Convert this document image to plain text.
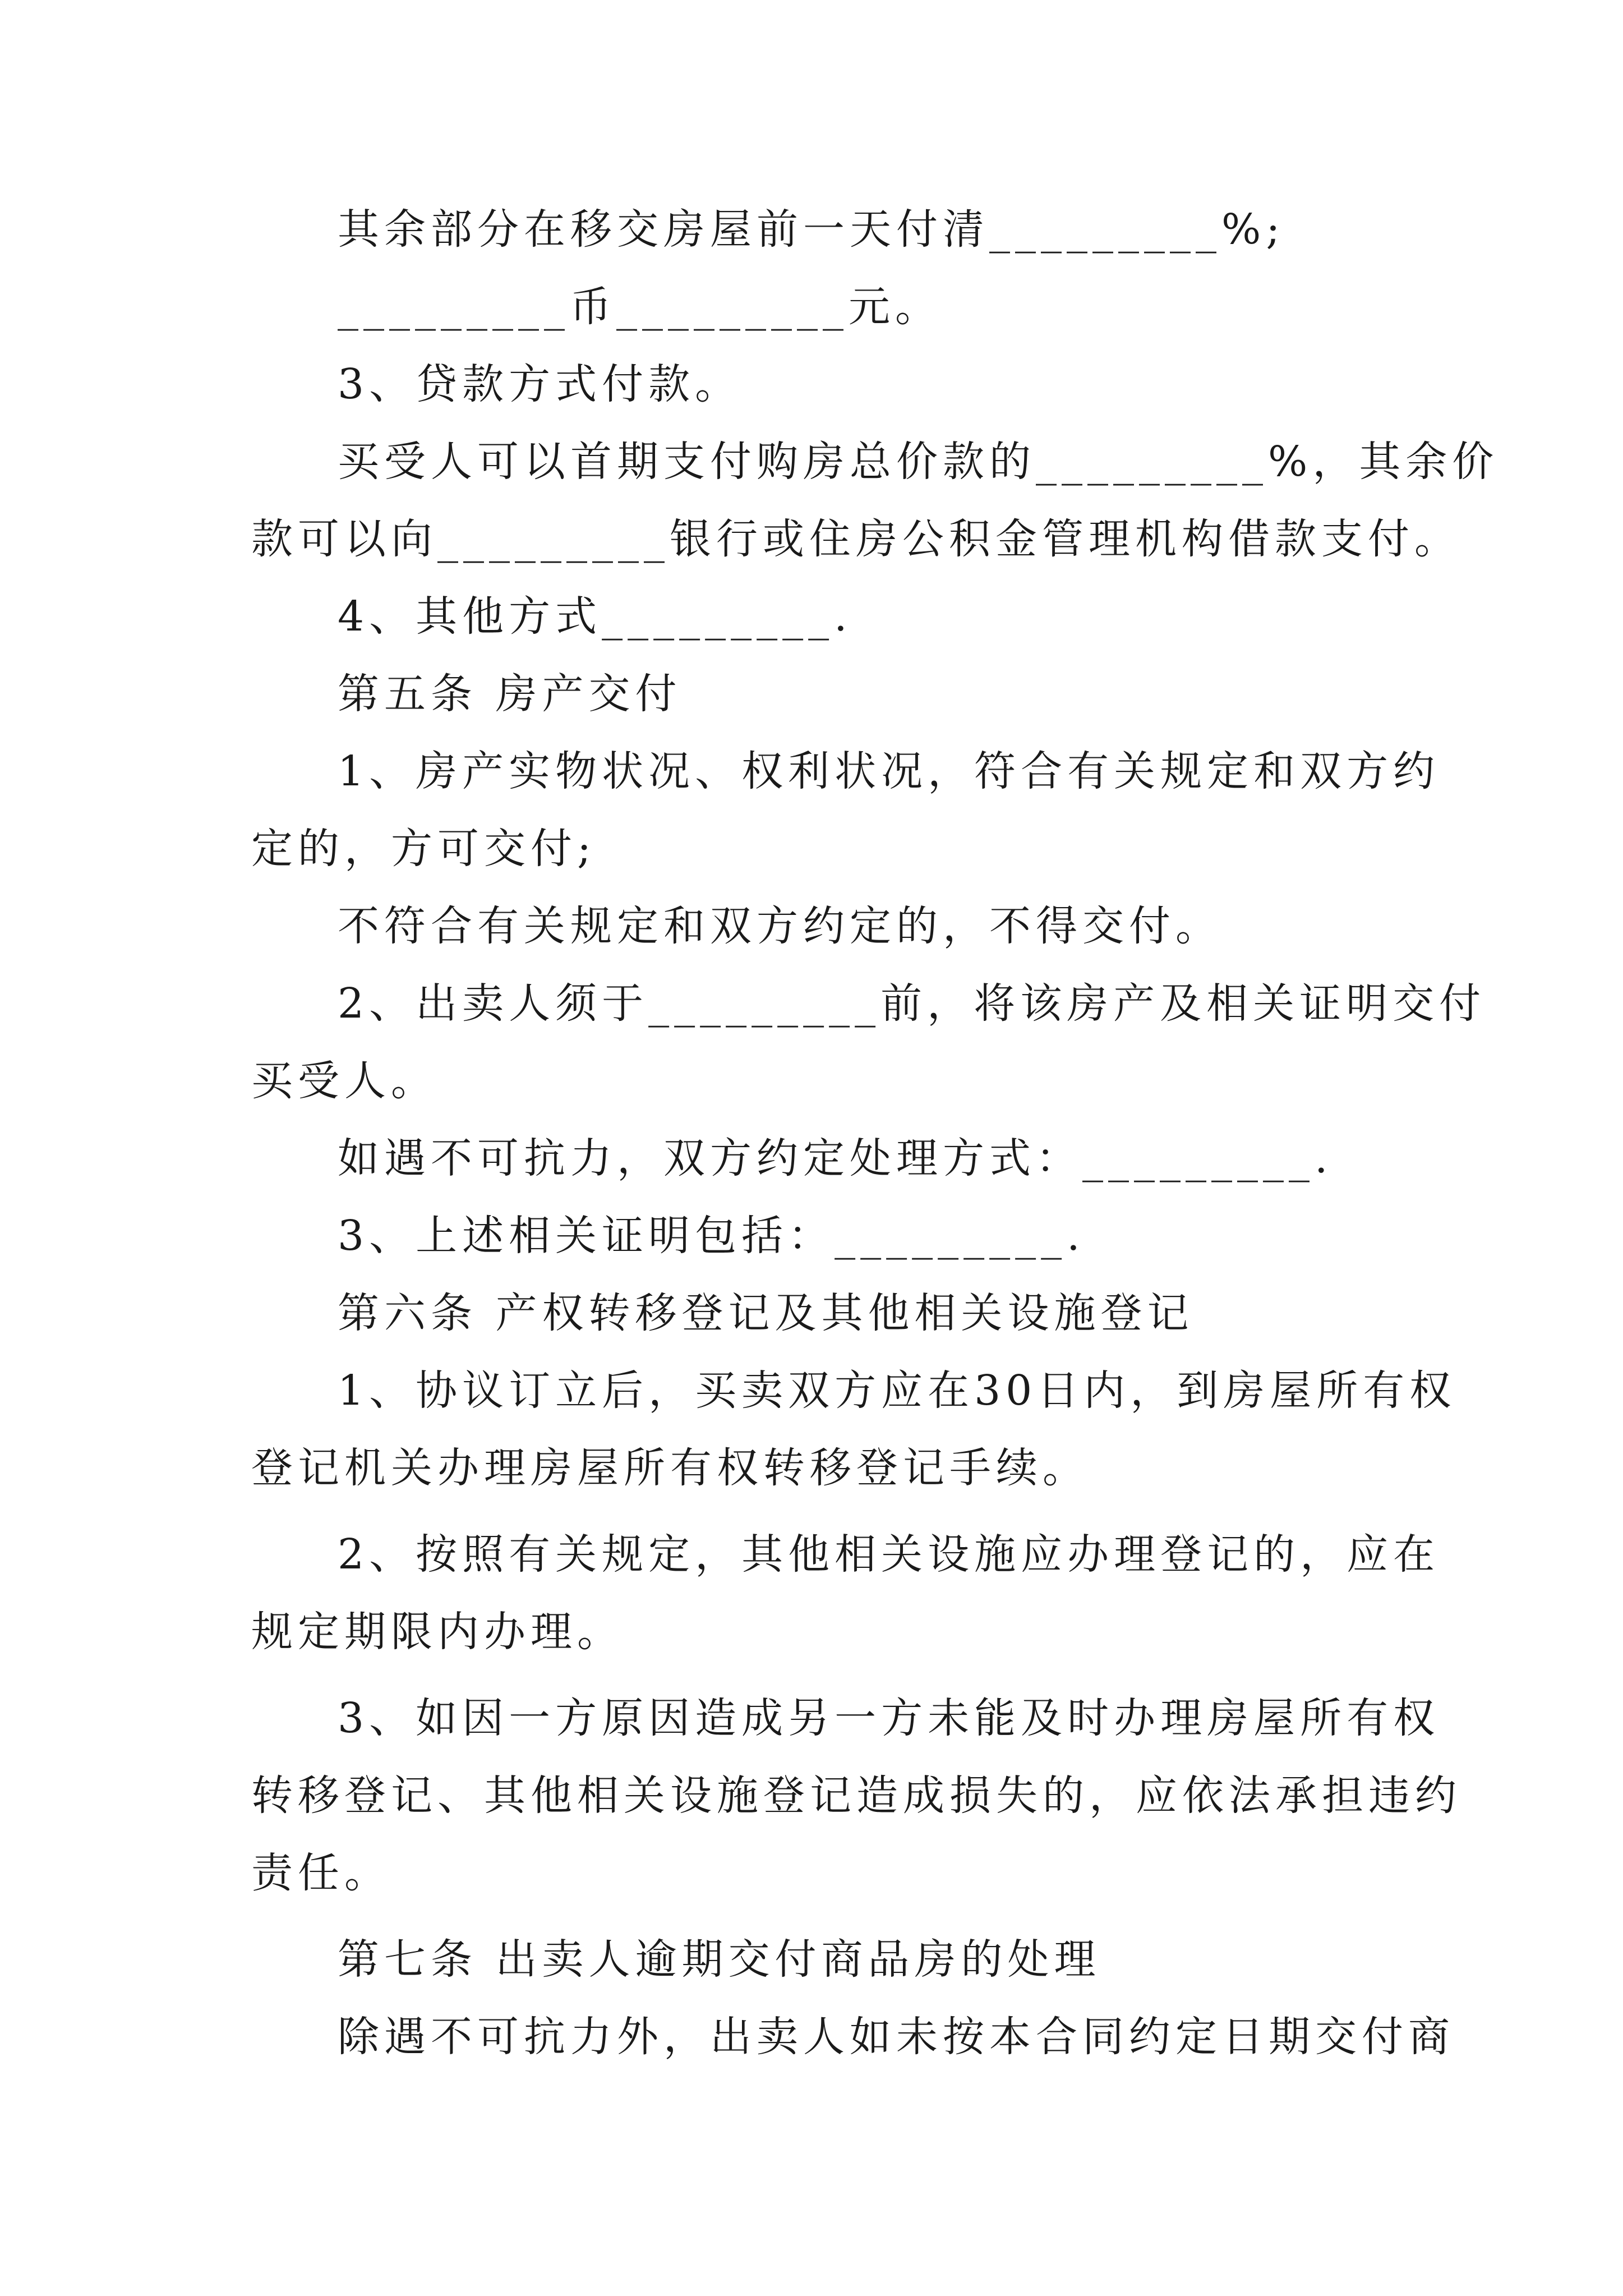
其余部分在移交房屋前一天付清_________%;
_________币_________元。
3、贷款方式付款。
买受人可以首期支付购房总价款的_________%，其余价
款可以向_________银行或住房公积金管理机构借款支付。
4、其他方式_________.
第五条 房产交付
1、房产实物状况、权利状况，符合有关规定和双方约
定的，方可交付;
不符合有关规定和双方约定的，不得交付。
2、出卖人须于_________前，将该房产及相关证明交付
买受人。
如遇不可抗力，双方约定处理方式：_________.
3、上述相关证明包括：_________.
第六条 产权转移登记及其他相关设施登记
1、协议订立后，买卖双方应在30日内，到房屋所有权
登记机关办理房屋所有权转移登记手续。
2、按照有关规定，其他相关设施应办理登记的，应在
规定期限内办理。
3、如因一方原因造成另一方未能及时办理房屋所有权
转移登记、其他相关设施登记造成损失的，应依法承担违约
责任。
第七条 出卖人逾期交付商品房的处理
除遇不可抗力外，出卖人如未按本合同约定日期交付商
